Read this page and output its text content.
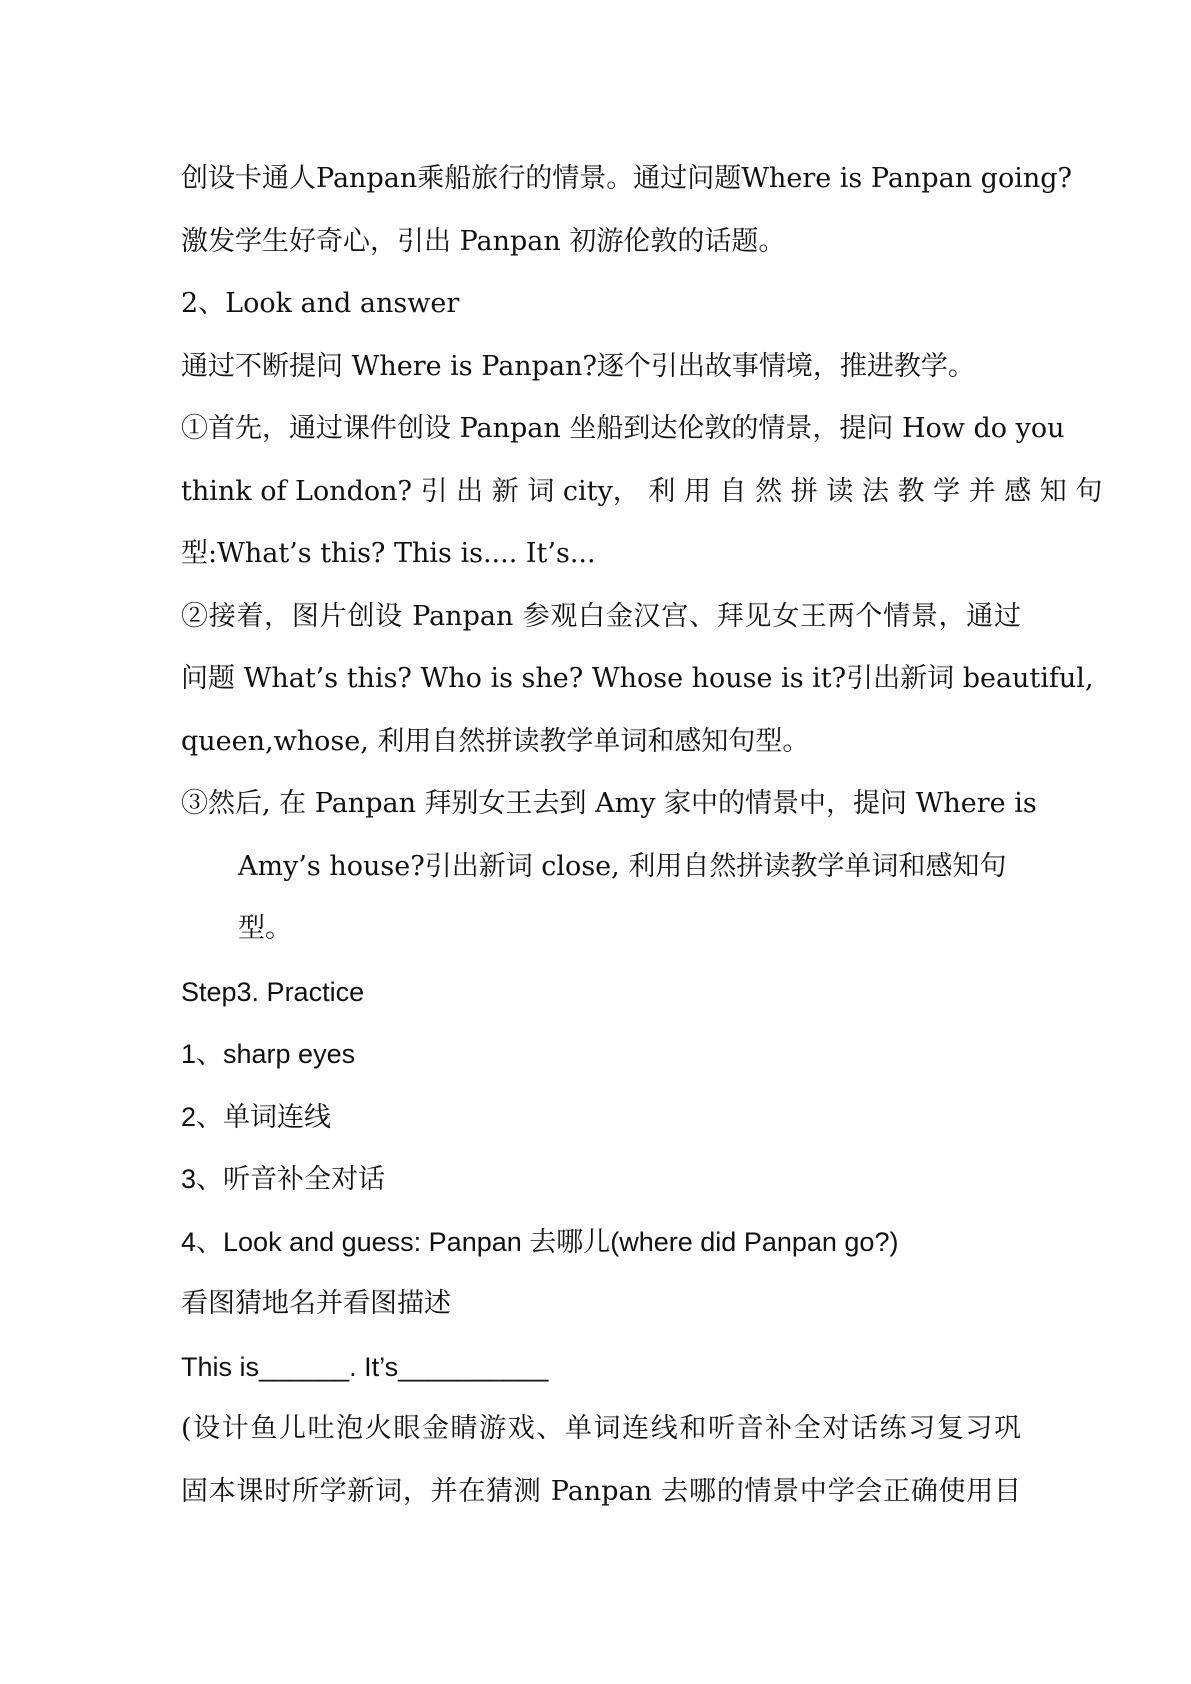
创设卡通人Panpan乘船旅行的情景。通过问题Where is Panpan going?
激发学生好奇心，引出 Panpan 初游伦敦的话题。
2、Look and answer
通过不断提问 Where is Panpan?逐个引出故事情境，推进教学。
①首先，通过课件创设 Panpan 坐船到达伦敦的情景，提问 How do you
think of London? 引 出 新 词 city， 利 用 自 然 拼 读 法 教 学 并 感 知 句
型:What’s this? This is.... It’s...
②接着，图片创设 Panpan 参观白金汉宫、拜见女王两个情景，通过
问题 What’s this? Who is she? Whose house is it?引出新词 beautiful,
queen,whose, 利用自然拼读教学单词和感知句型。
③然后, 在 Panpan 拜别女王去到 Amy 家中的情景中，提问 Where is
Amy’s house?引出新词 close, 利用自然拼读教学单词和感知句
型。
Step3. Practice
1、sharp eyes
2、单词连线
3、听音补全对话
4、Look and guess: Panpan 去哪儿(where did Panpan go?)
看图猜地名并看图描述
This is______. It’s__________
(设计鱼儿吐泡火眼金睛游戏、单词连线和听音补全对话练习复习巩
固本课时所学新词，并在猜测 Panpan 去哪的情景中学会正确使用目
